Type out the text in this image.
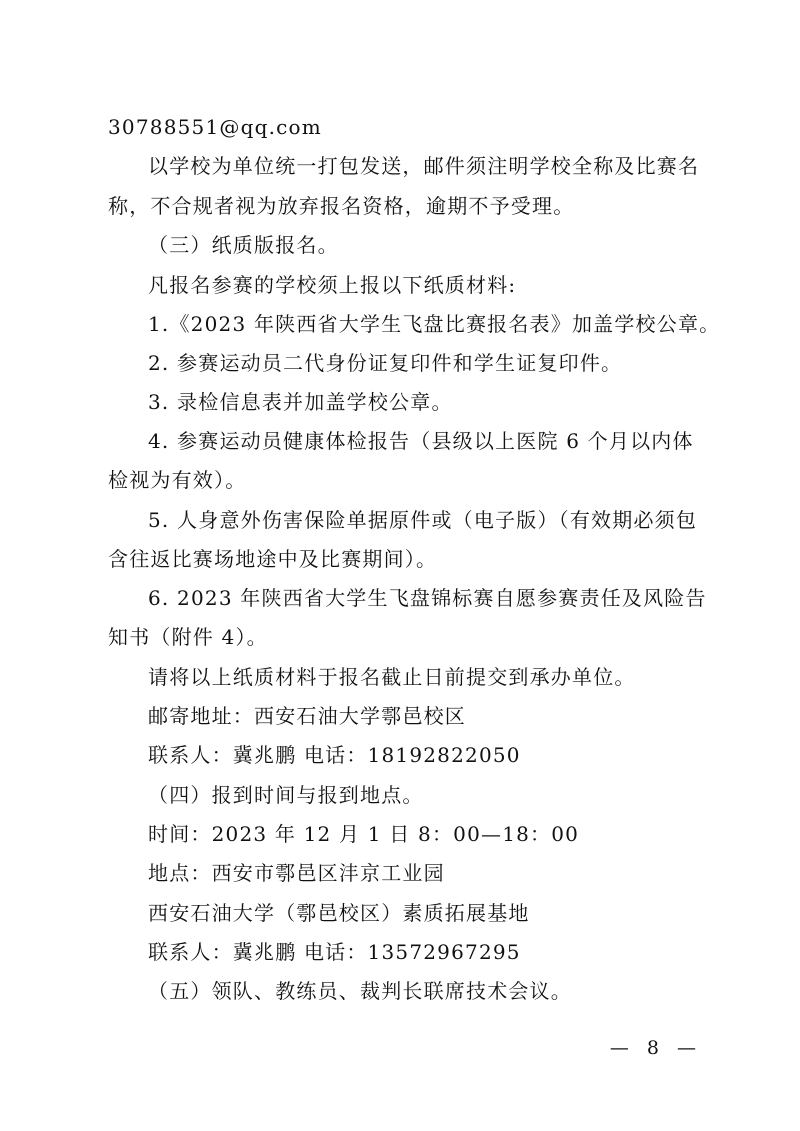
30788551@qq.com
以学校为单位统一打包发送，邮件须注明学校全称及比赛名
称，不合规者视为放弃报名资格，逾期不予受理。
（三）纸质版报名。
凡报名参赛的学校须上报以下纸质材料:
1.《2023 年陕西省大学生飞盘比赛报名表》加盖学校公章。
2. 参赛运动员二代身份证复印件和学生证复印件。
3. 录检信息表并加盖学校公章。
4. 参赛运动员健康体检报告（县级以上医院 6 个月以内体
检视为有效）。
5. 人身意外伤害保险单据原件或（电子版）（有效期必须包
含往返比赛场地途中及比赛期间）。
6. 2023 年陕西省大学生飞盘锦标赛自愿参赛责任及风险告
知书（附件 4）。
请将以上纸质材料于报名截止日前提交到承办单位。
邮寄地址：西安石油大学鄠邑校区
联系人：冀兆鹏 电话：18192822050
（四）报到时间与报到地点。
时间：2023 年 12 月 1 日 8：00—18：00
地点：西安市鄠邑区沣京工业园
西安石油大学（鄠邑校区）素质拓展基地
联系人：冀兆鹏 电话：13572967295
（五）领队、教练员、裁判长联席技术会议。
— 8 —
